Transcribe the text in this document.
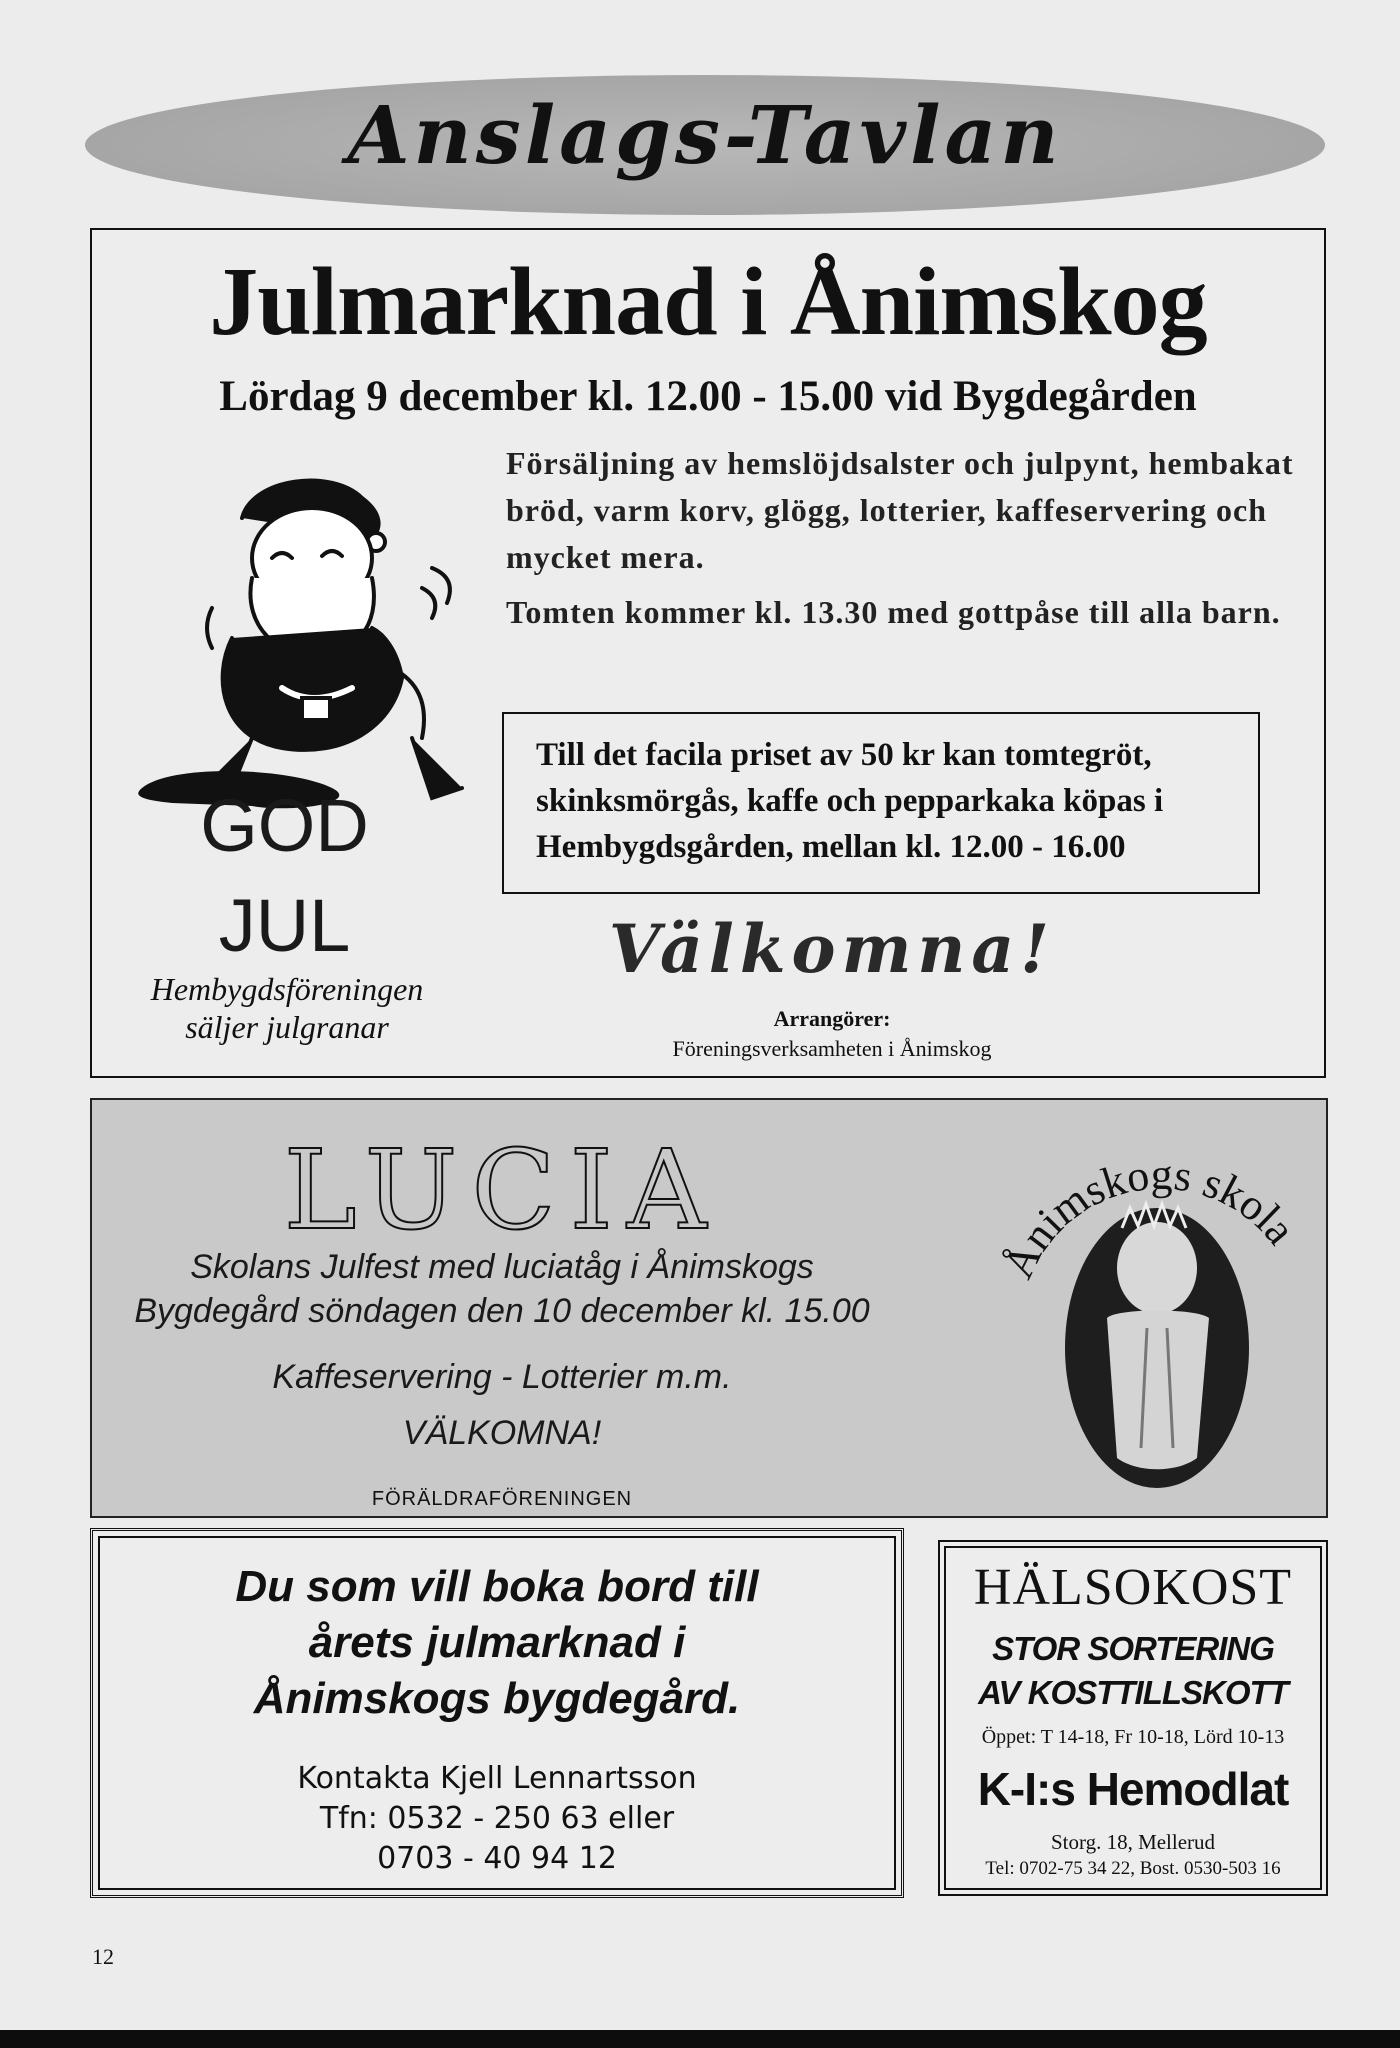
Anslags-Tavlan
Julmarknad i Ånimskog
Lördag 9 december kl. 12.00 - 15.00 vid Bygdegården
GOD
JUL
Hembygdsföreningen
säljer julgranar

Försäljning av hemslöjdsalster och julpynt, hembakat bröd, varm korv, glögg, lotterier, kaffeservering och mycket mera.

Tomten kommer kl. 13.30 med gottpåse till alla barn.

Till det facila priset av 50 kr kan tomtegröt, skinksmörgås, kaffe och pepparkaka köpas i Hembygdsgården, mellan kl. 12.00 - 16.00
Välkomna!
Arrangörer:
Föreningsverksamheten i Ånimskog
LUCIA
Skolans Julfest med luciatåg i Ånimskogs
Bygdegård söndagen den 10 december kl. 15.00
Kaffeservering - Lotterier m.m.
VÄLKOMNA!
FÖRÄLDRAFÖRENINGEN
Ånimskogs skola
Du som vill boka bord till
årets julmarknad i
Ånimskogs bygdegård.
Kontakta Kjell Lennartsson
Tfn: 0532 - 250 63 eller
0703 - 40 94 12
HÄLSOKOST
STOR SORTERING
AV KOSTTILLSKOTT
Öppet: T 14-18, Fr 10-18, Lörd 10-13
K-I:s Hemodlat
Storg. 18, Mellerud
Tel: 0702-75 34 22, Bost. 0530-503 16
12
